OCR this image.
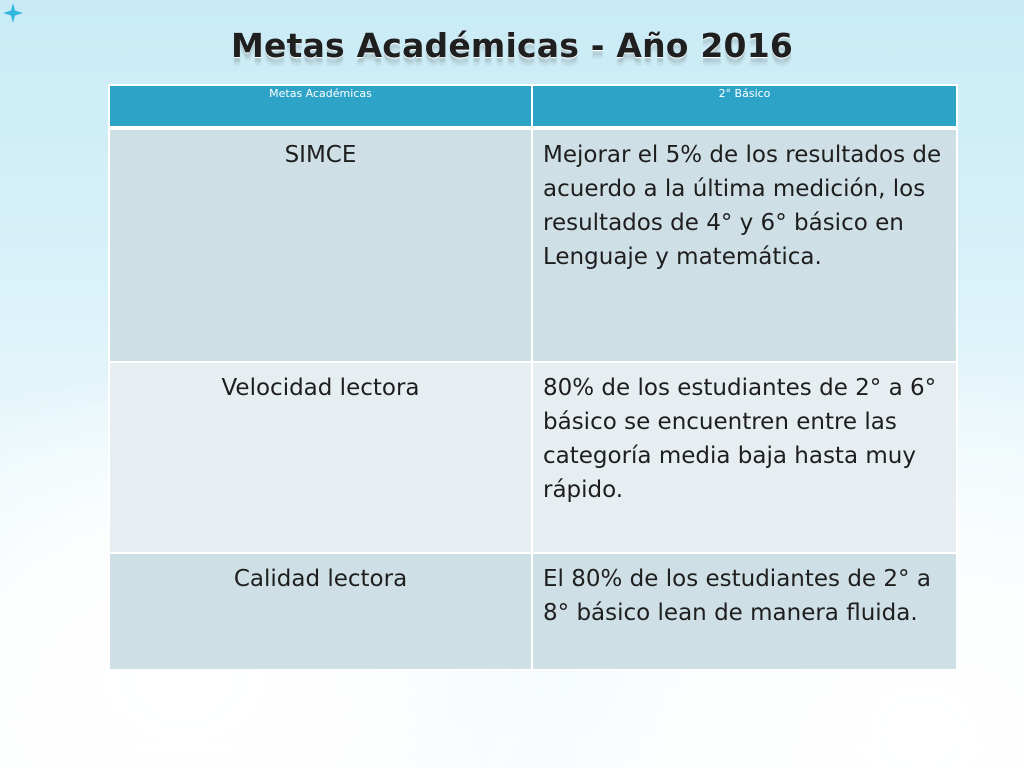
Metas Académicas - Año 2016
Metas Académicas	2° Básico
SIMCE	Mejorar el 5% de los resultados de acuerdo a la última medición, los resultados de 4° y 6° básico en Lenguaje y matemática.
Velocidad lectora	80% de los estudiantes de 2° a 6° básico se encuentren entre las categoría media baja hasta muy rápido.
Calidad lectora	El 80% de los estudiantes de 2° a 8° básico lean de manera fluida.
